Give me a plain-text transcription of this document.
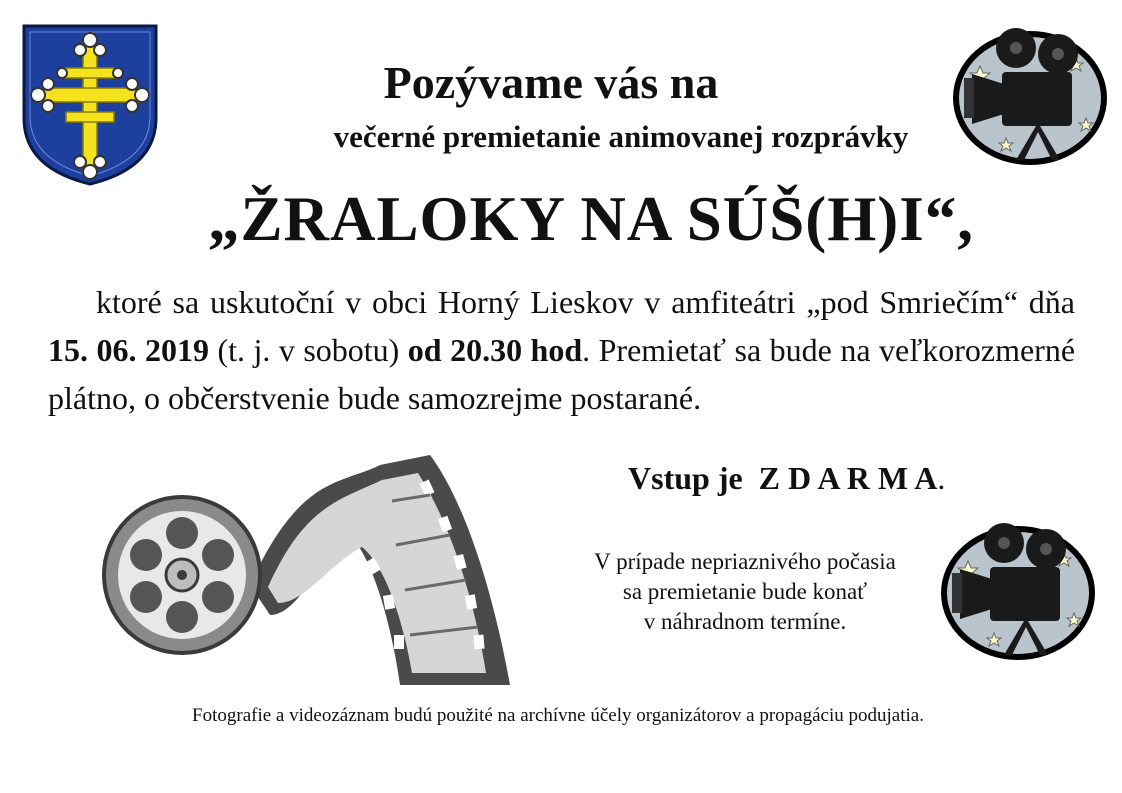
Pozývame vás na
večerné premietanie animovanej rozprávky
„ŽRALOKY NA SÚŠ(H)I“,
ktoré sa uskutoční v obci Horný Lieskov v amfiteátri „pod Smriečím“ dňa 15. 06. 2019 (t. j. v sobotu) od 20.30 hod. Premietať sa bude na veľkorozmerné plátno, o občerstvenie bude samozrejme postarané.
Vstup je Z D A R M A.
V prípade nepriaznivého počasia
sa premietanie bude konať
v náhradnom termíne.
Fotografie a videozáznam budú použité na archívne účely organizátorov a propagáciu podujatia.
